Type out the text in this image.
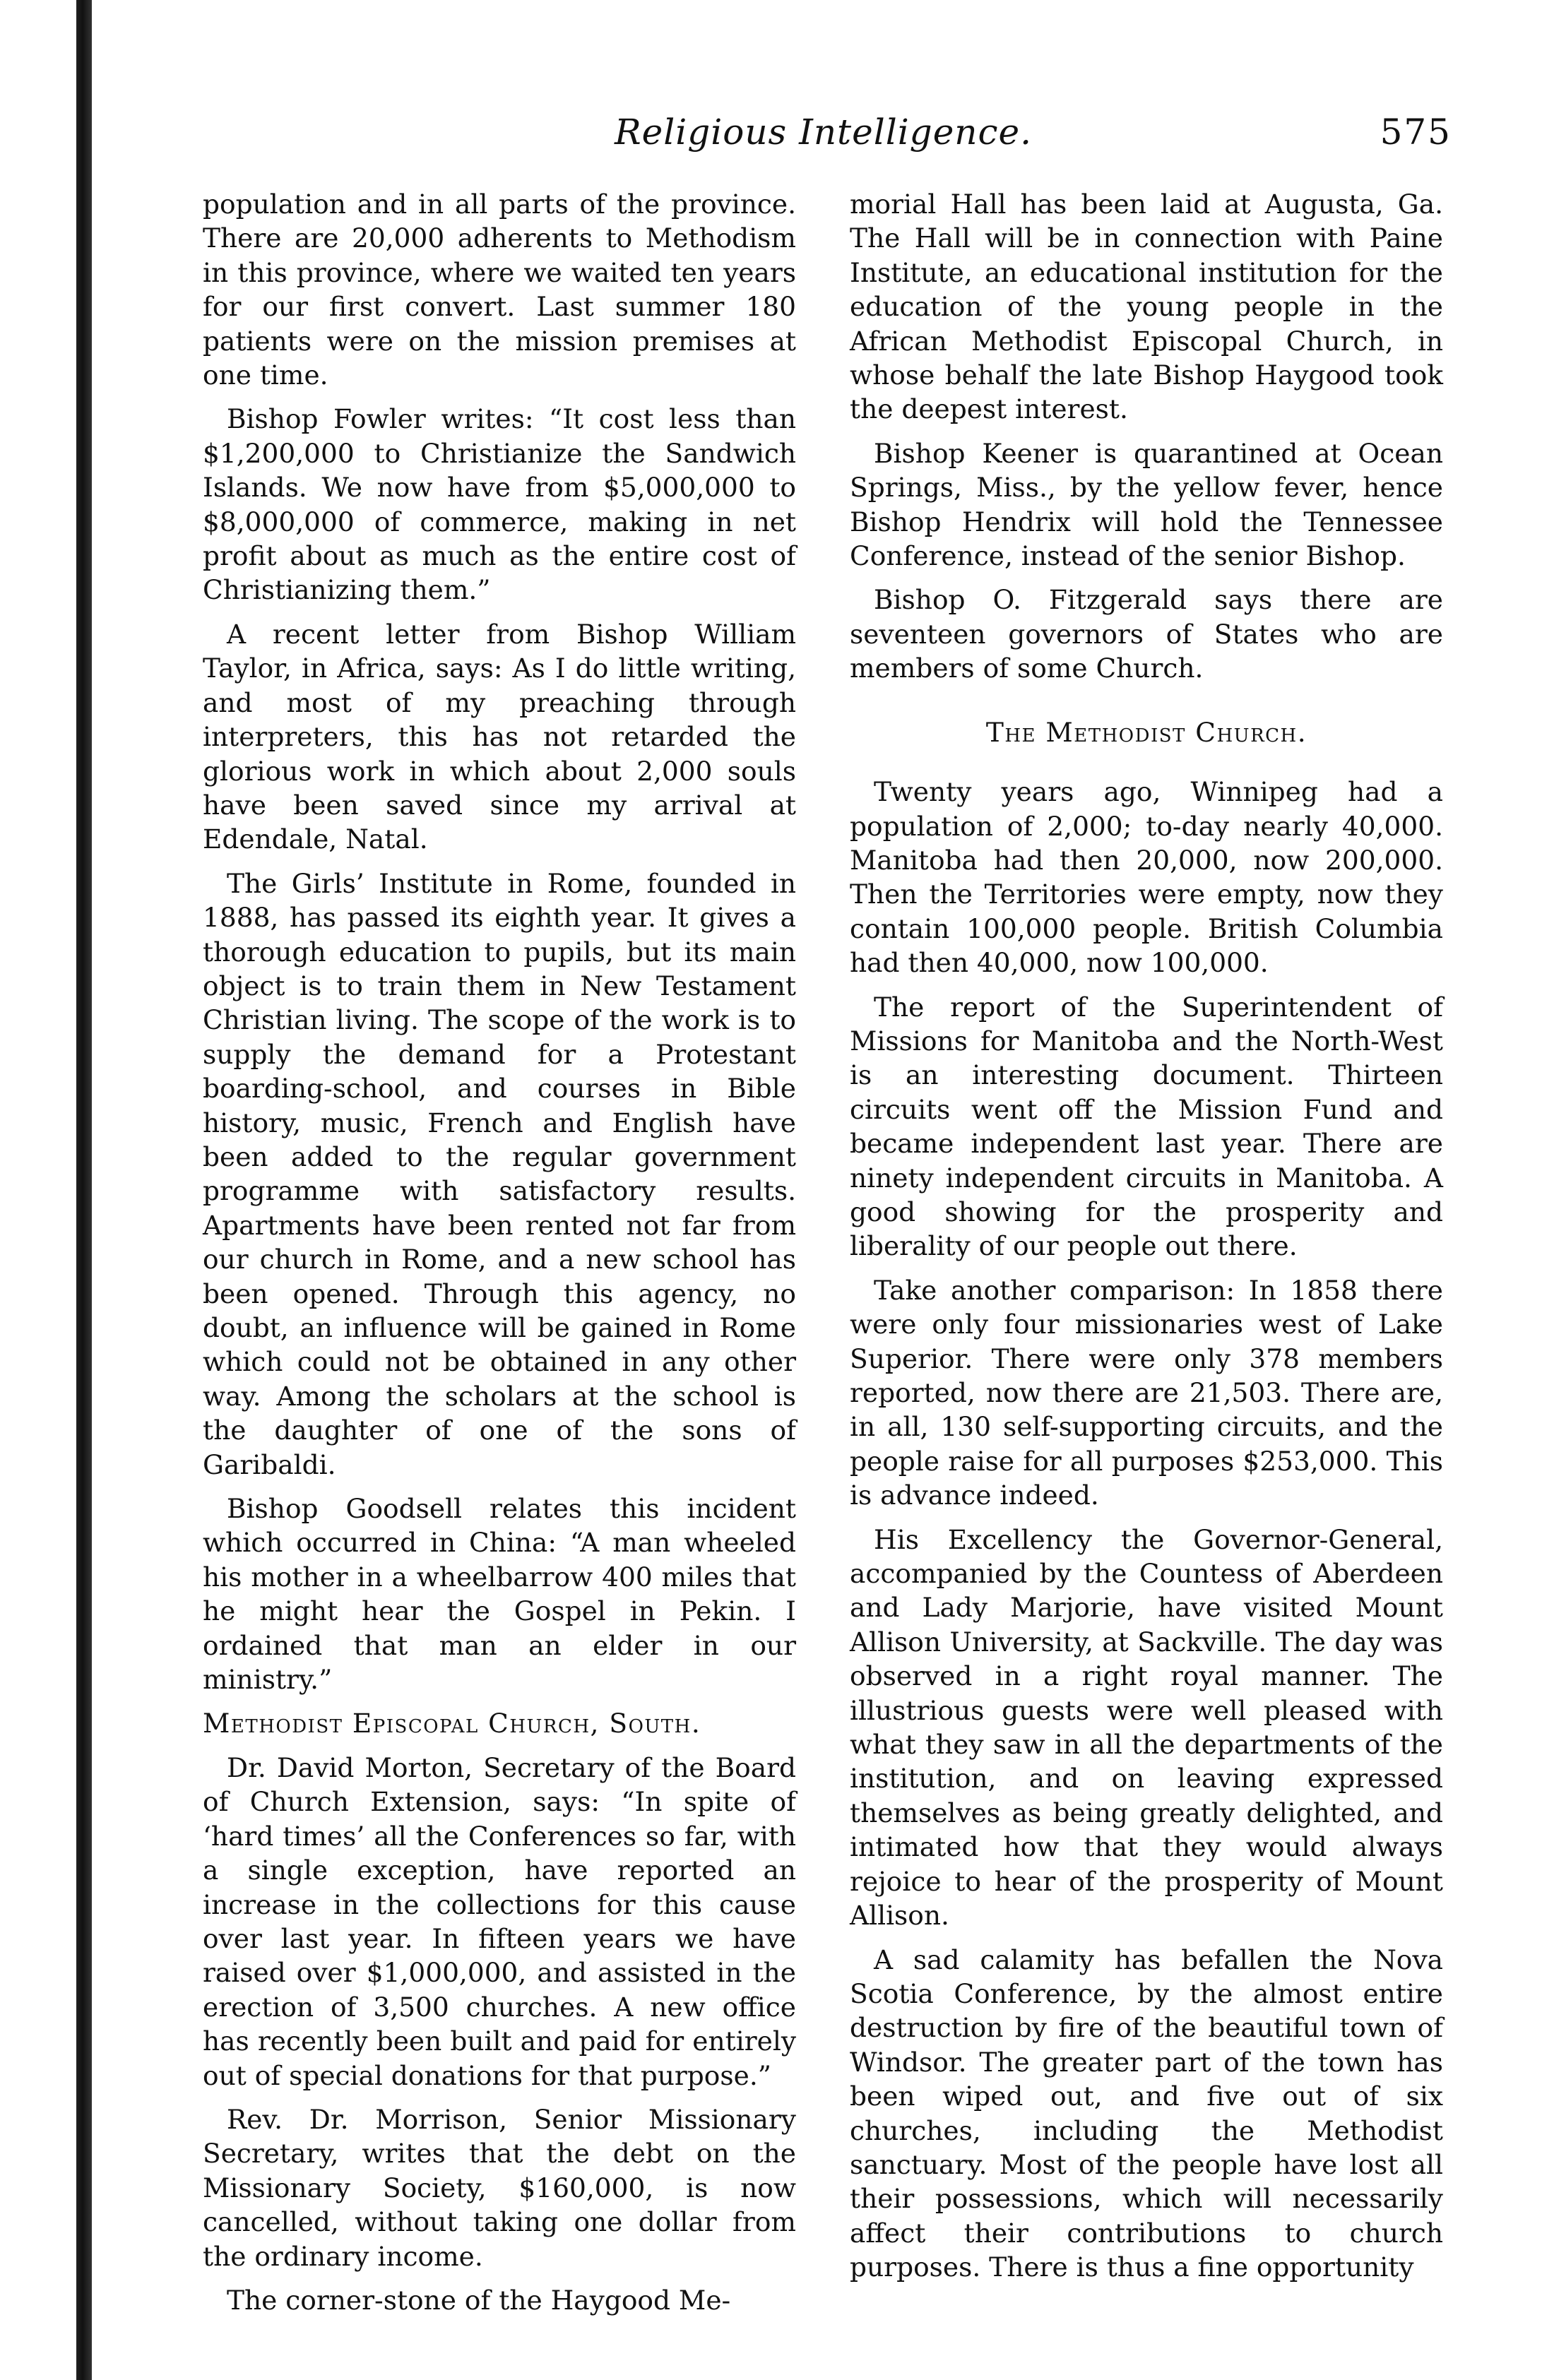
Religious Intelligence.	575

population and in all parts of the province. There are 20,000 adherents to Methodism in this province, where we waited ten years for our first convert. Last summer 180 patients were on the mission premises at one time.

Bishop Fowler writes: “It cost less than $1,200,000 to Christianize the Sandwich Islands. We now have from $5,000,000 to $8,000,000 of commerce, making in net profit about as much as the entire cost of Christianizing them.”

A recent letter from Bishop William Taylor, in Africa, says: As I do little writing, and most of my preaching through interpreters, this has not retarded the glorious work in which about 2,000 souls have been saved since my arrival at Edendale, Natal.

The Girls’ Institute in Rome, founded in 1888, has passed its eighth year. It gives a thorough education to pupils, but its main object is to train them in New Testament Christian living. The scope of the work is to supply the demand for a Protestant boarding-school, and courses in Bible history, music, French and English have been added to the regular government programme with satisfactory results. Apartments have been rented not far from our church in Rome, and a new school has been opened. Through this agency, no doubt, an influence will be gained in Rome which could not be obtained in any other way. Among the scholars at the school is the daughter of one of the sons of Garibaldi.

Bishop Goodsell relates this incident which occurred in China: “A man wheeled his mother in a wheelbarrow 400 miles that he might hear the Gospel in Pekin. I ordained that man an elder in our ministry.”

Methodist Episcopal Church, South.

Dr. David Morton, Secretary of the Board of Church Extension, says: “In spite of ‘hard times’ all the Conferences so far, with a single exception, have reported an increase in the collections for this cause over last year. In fifteen years we have raised over $1,000,000, and assisted in the erection of 3,500 churches. A new office has recently been built and paid for entirely out of special donations for that purpose.”

Rev. Dr. Morrison, Senior Missionary Secretary, writes that the debt on the Missionary Society, $160,000, is now cancelled, without taking one dollar from the ordinary income.

The corner-stone of the Haygood Me-

morial Hall has been laid at Augusta, Ga. The Hall will be in connection with Paine Institute, an educational institution for the education of the young people in the African Methodist Episcopal Church, in whose behalf the late Bishop Haygood took the deepest interest.

Bishop Keener is quarantined at Ocean Springs, Miss., by the yellow fever, hence Bishop Hendrix will hold the Tennessee Conference, instead of the senior Bishop.

Bishop O. Fitzgerald says there are seventeen governors of States who are members of some Church.

The Methodist Church.

Twenty years ago, Winnipeg had a population of 2,000; to-day nearly 40,000. Manitoba had then 20,000, now 200,000. Then the Territories were empty, now they contain 100,000 people. British Columbia had then 40,000, now 100,000.

The report of the Superintendent of Missions for Manitoba and the North-West is an interesting document. Thirteen circuits went off the Mission Fund and became independent last year. There are ninety independent circuits in Manitoba. A good showing for the prosperity and liberality of our people out there.

Take another comparison: In 1858 there were only four missionaries west of Lake Superior. There were only 378 members reported, now there are 21,503. There are, in all, 130 self-supporting circuits, and the people raise for all purposes $253,000. This is advance indeed.

His Excellency the Governor-General, accompanied by the Countess of Aberdeen and Lady Marjorie, have visited Mount Allison University, at Sackville. The day was observed in a right royal manner. The illustrious guests were well pleased with what they saw in all the departments of the institution, and on leaving expressed themselves as being greatly delighted, and intimated how that they would always rejoice to hear of the prosperity of Mount Allison.

A sad calamity has befallen the Nova Scotia Conference, by the almost entire destruction by fire of the beautiful town of Windsor. The greater part of the town has been wiped out, and five out of six churches, including the Methodist sanctuary. Most of the people have lost all their possessions, which will necessarily affect their contributions to church purposes. There is thus a fine opportunity
